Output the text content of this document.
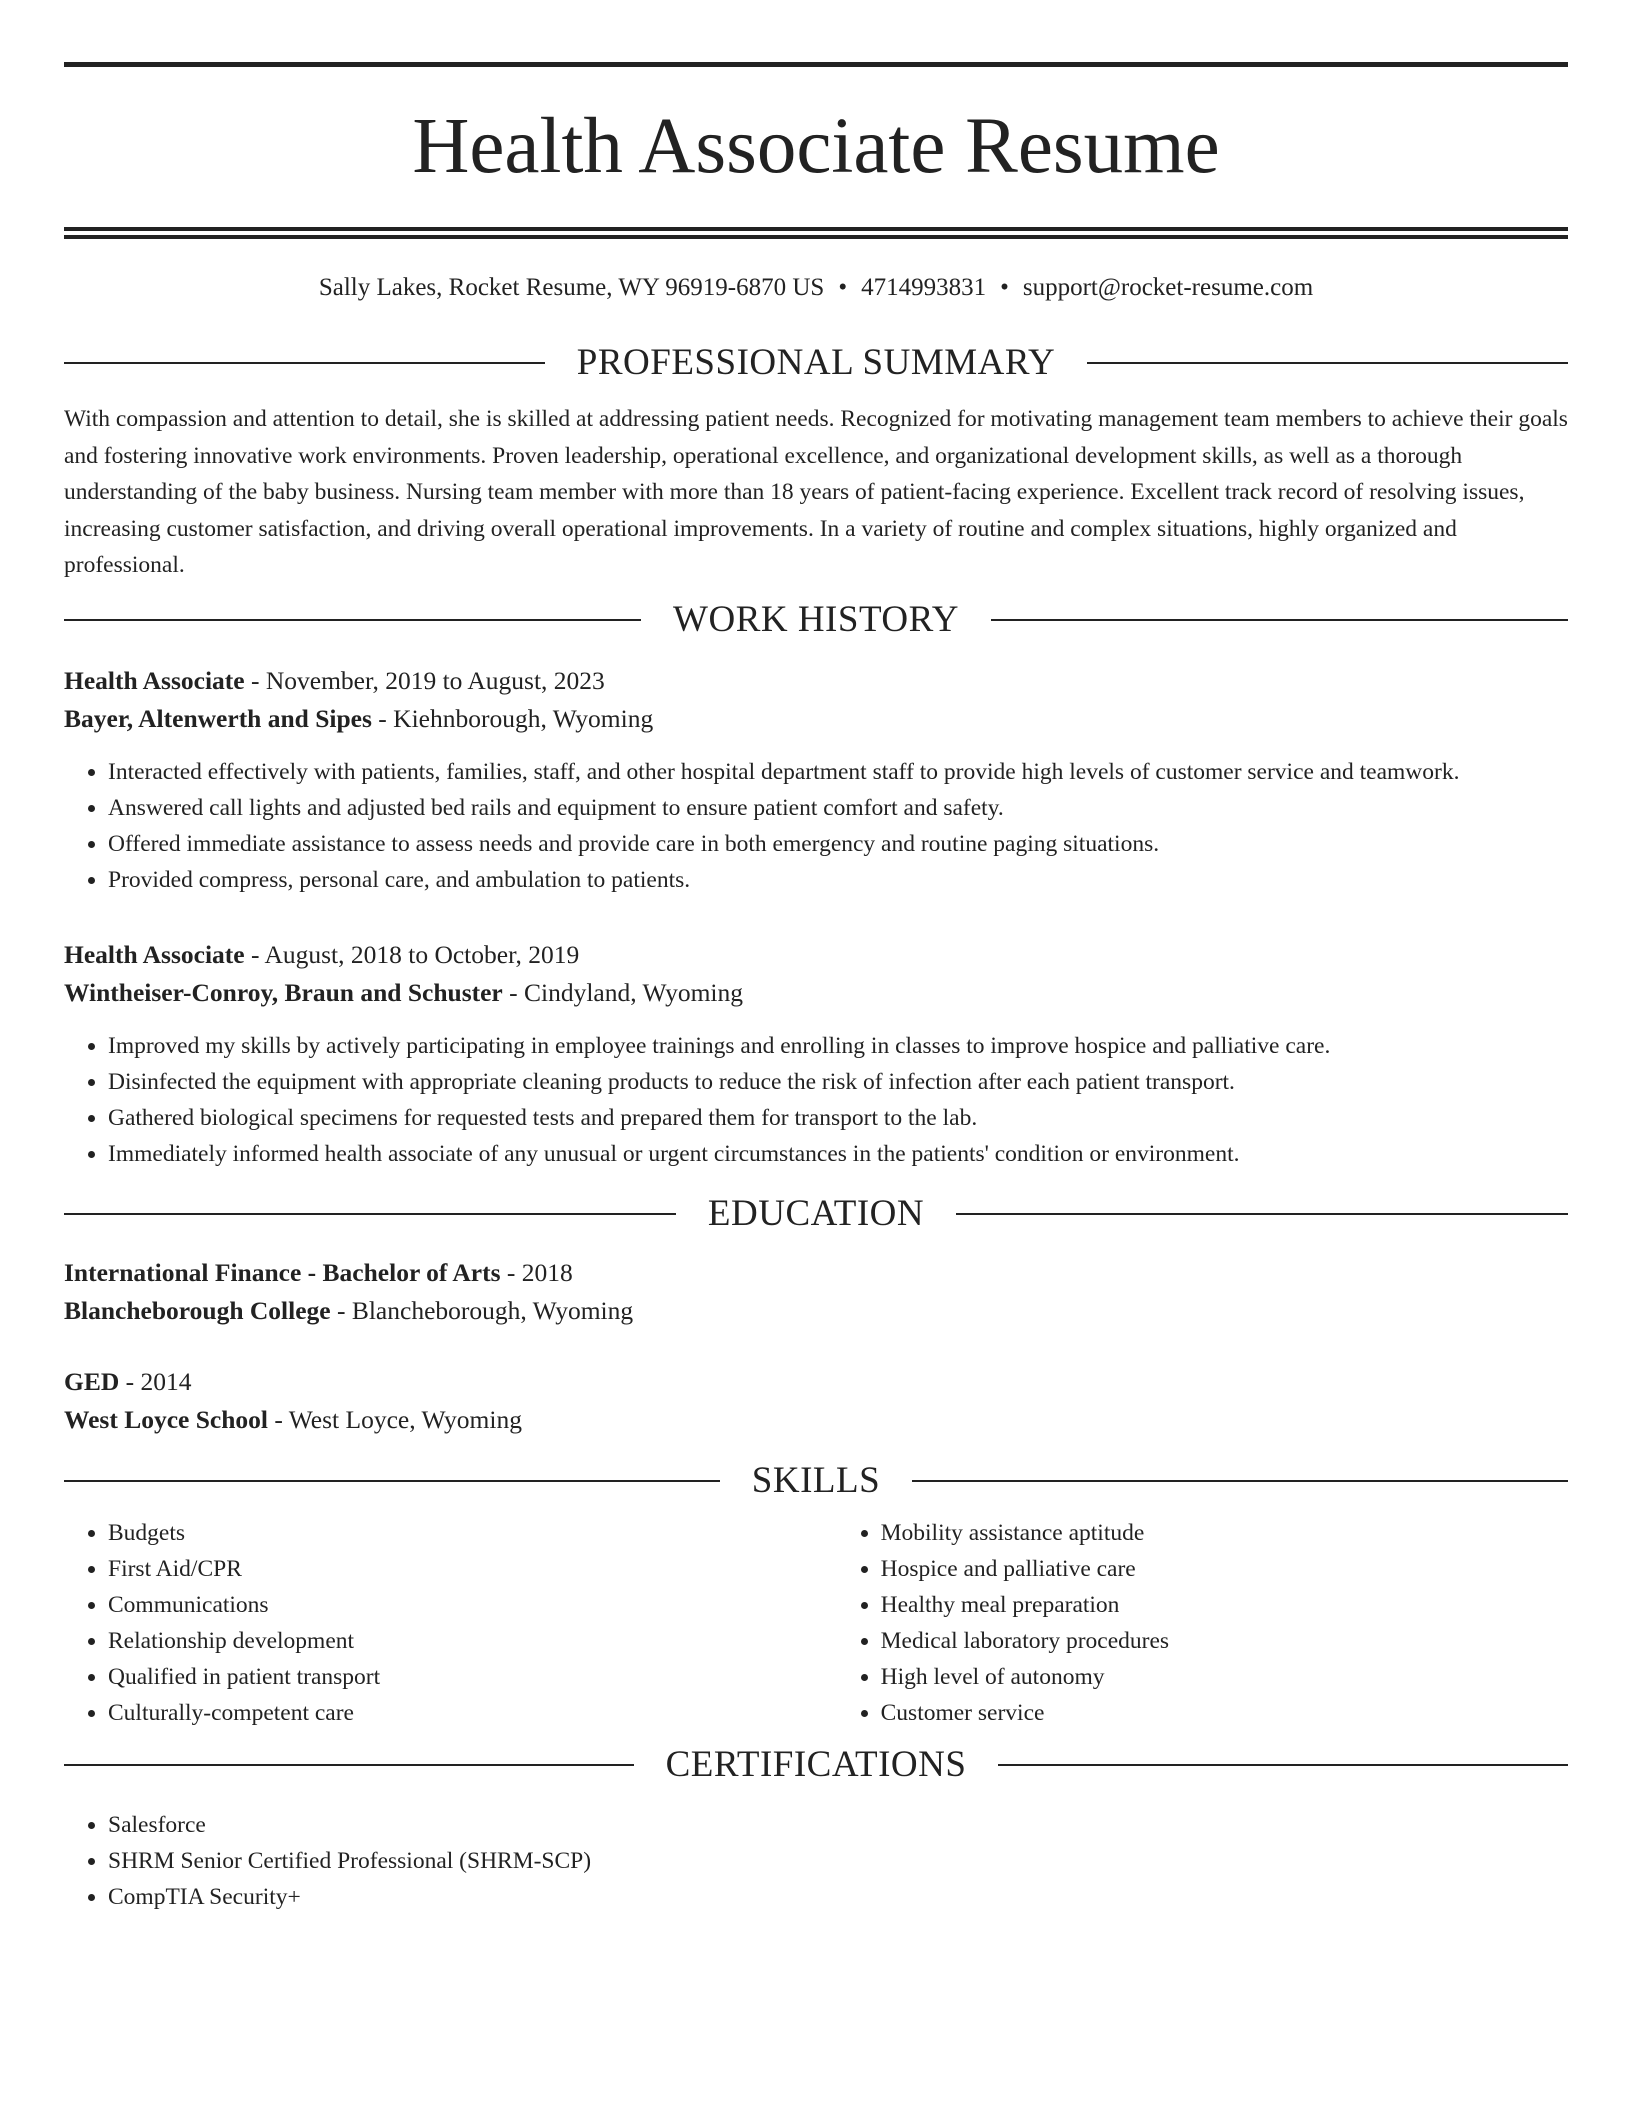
Health Associate Resume
Sally Lakes, Rocket Resume, WY 96919-6870 US • 4714993831 • support@rocket-resume.com
PROFESSIONAL SUMMARY

With compassion and attention to detail, she is skilled at addressing patient needs. Recognized for motivating management team members to achieve their goals and fostering innovative work environments. Proven leadership, operational excellence, and organizational development skills, as well as a thorough understanding of the baby business. Nursing team member with more than 18 years of patient-facing experience. Excellent track record of resolving issues, increasing customer satisfaction, and driving overall operational improvements. In a variety of routine and complex situations, highly organized and professional.

WORK HISTORY

Health Associate - November, 2019 to August, 2023

Bayer, Altenwerth and Sipes - Kiehnborough, Wyoming

• Interacted effectively with patients, families, staff, and other hospital department staff to provide high levels of customer service and teamwork.
• Answered call lights and adjusted bed rails and equipment to ensure patient comfort and safety.
• Offered immediate assistance to assess needs and provide care in both emergency and routine paging situations.
• Provided compress, personal care, and ambulation to patients.

Health Associate - August, 2018 to October, 2019

Wintheiser-Conroy, Braun and Schuster - Cindyland, Wyoming

• Improved my skills by actively participating in employee trainings and enrolling in classes to improve hospice and palliative care.
• Disinfected the equipment with appropriate cleaning products to reduce the risk of infection after each patient transport.
• Gathered biological specimens for requested tests and prepared them for transport to the lab.
• Immediately informed health associate of any unusual or urgent circumstances in the patients' condition or environment.
EDUCATION

International Finance - Bachelor of Arts - 2018

Blancheborough College - Blancheborough, Wyoming

GED - 2014

West Loyce School - West Loyce, Wyoming

SKILLS
• Budgets
• First Aid/CPR
• Communications
• Relationship development
• Qualified in patient transport
• Culturally-competent care
• Mobility assistance aptitude
• Hospice and palliative care
• Healthy meal preparation
• Medical laboratory procedures
• High level of autonomy
• Customer service
CERTIFICATIONS
• Salesforce
• SHRM Senior Certified Professional (SHRM-SCP)
• CompTIA Security+
